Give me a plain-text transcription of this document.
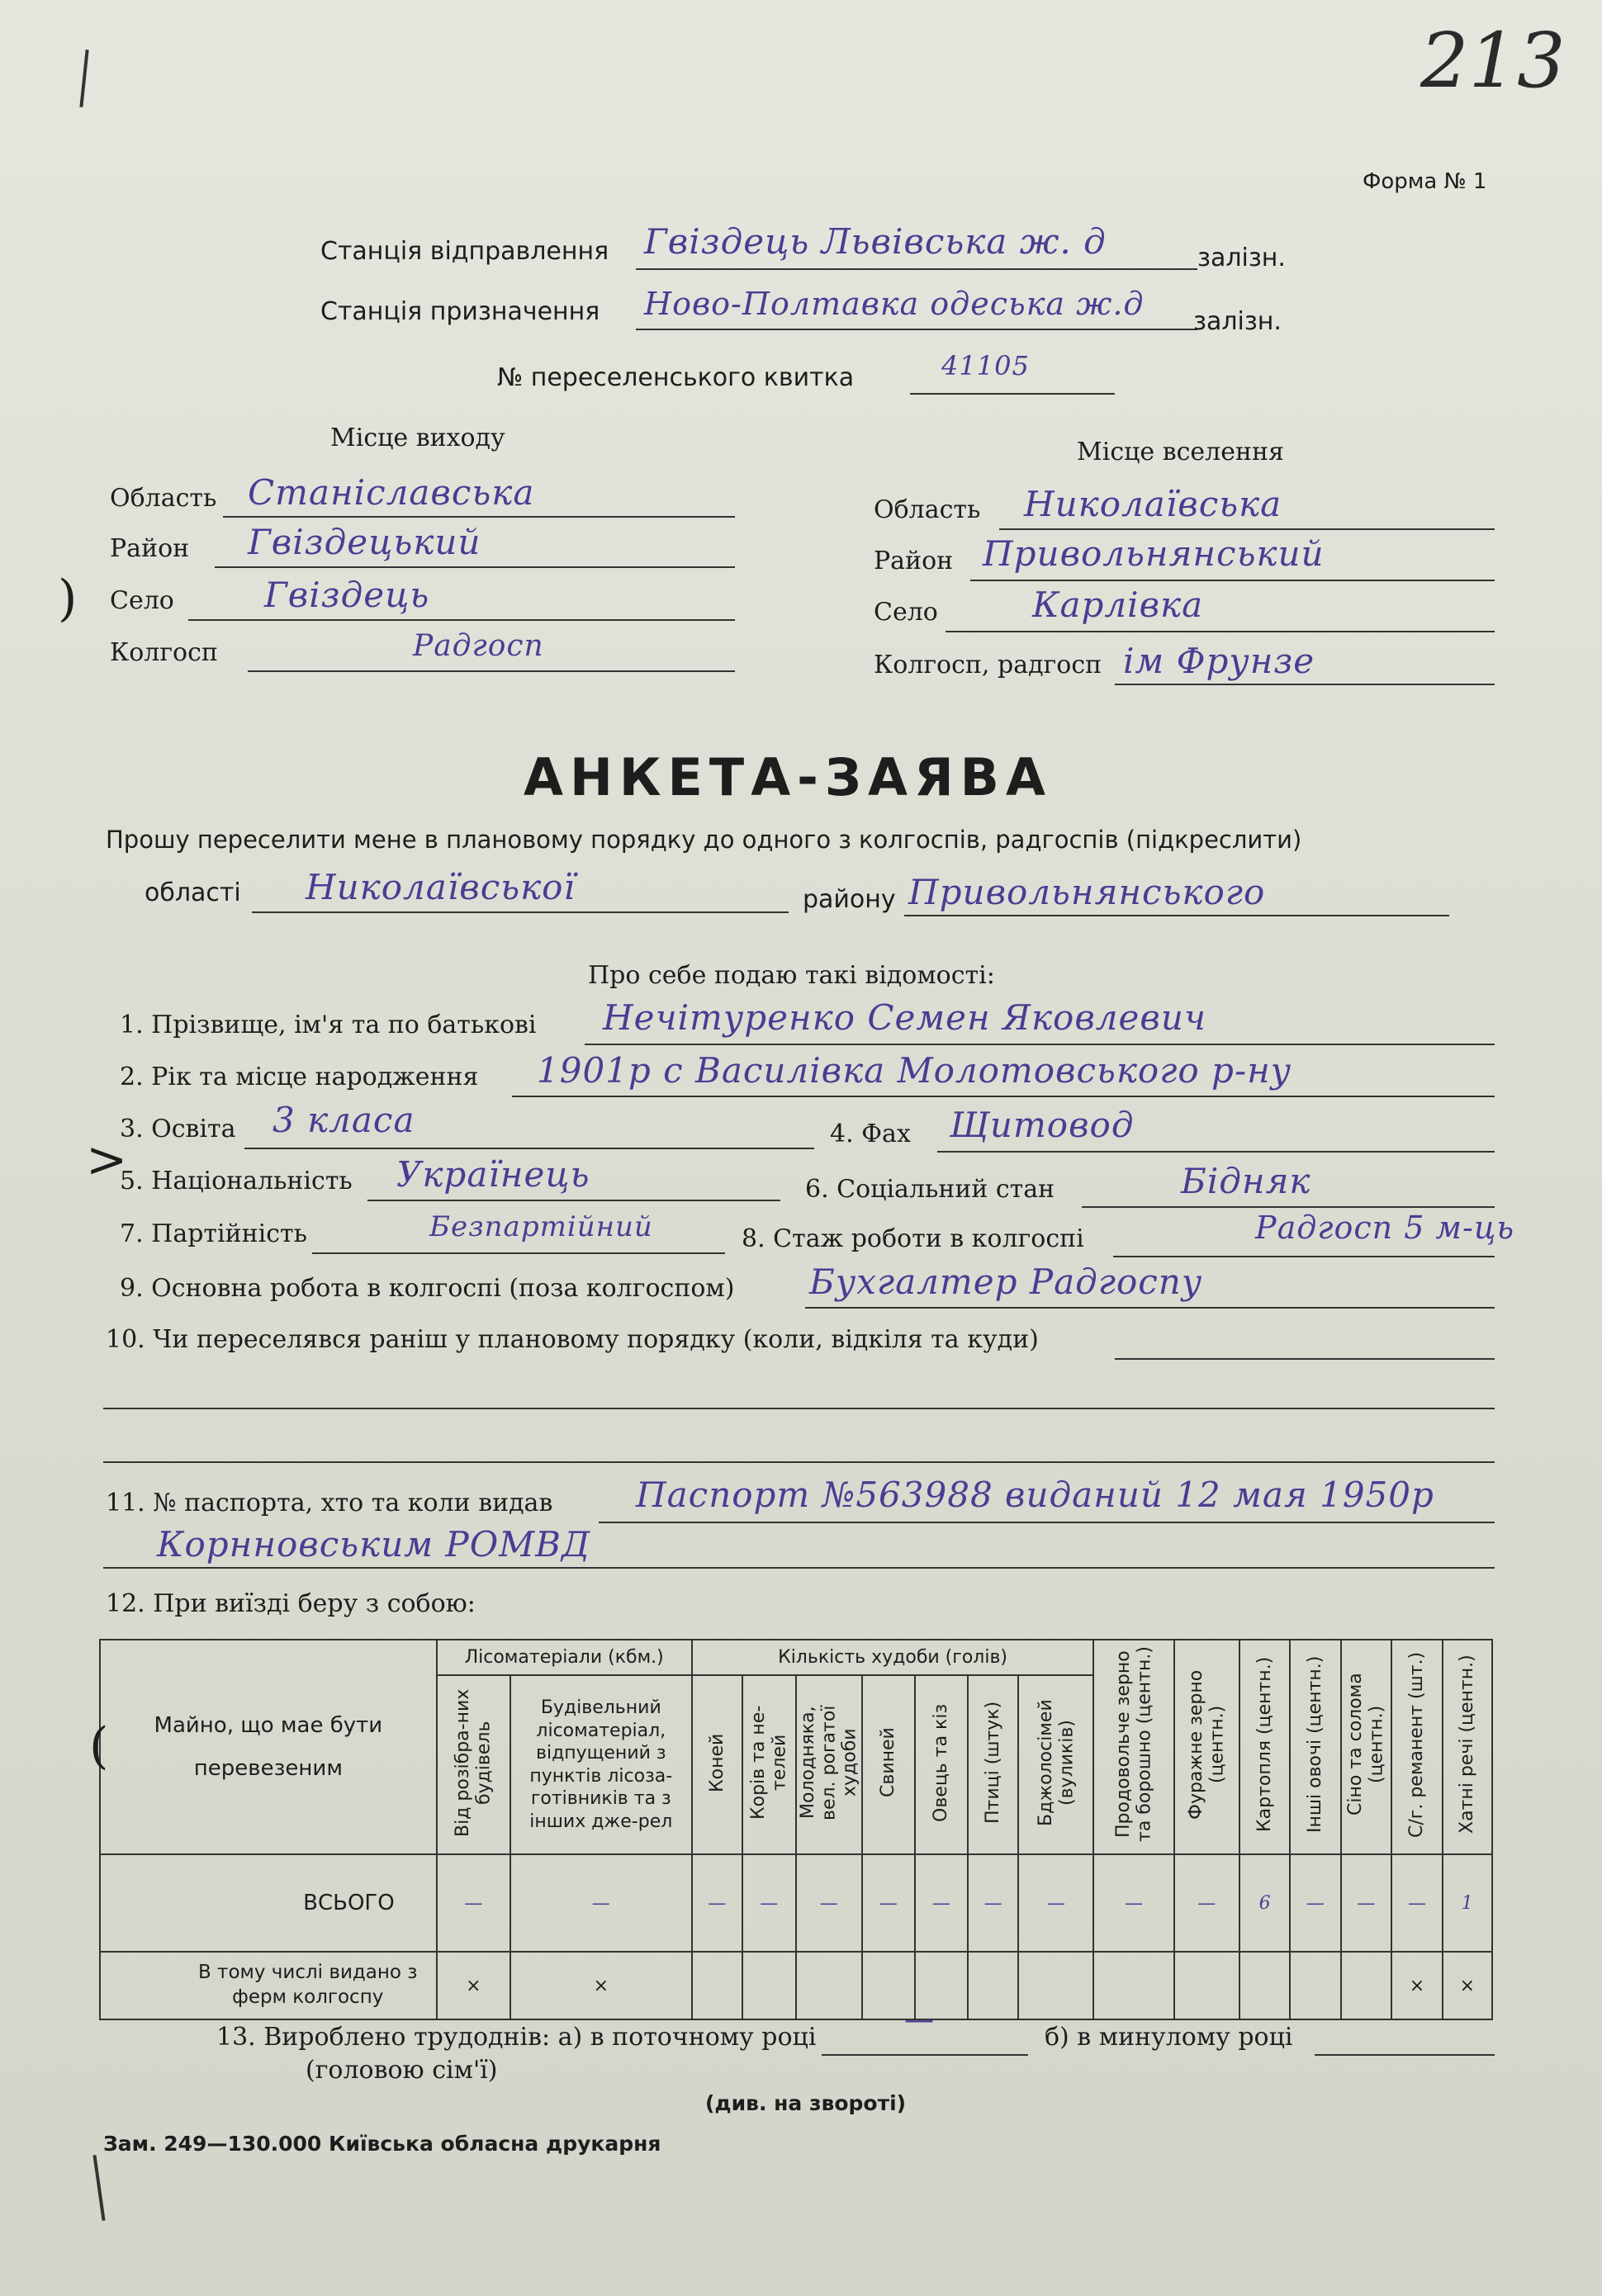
213
Форма № 1
Станція відправлення Гвіздець Львівська ж. д	залізн.
Станція призначення Ново-Полтавка одеська ж.д залізн.
№ переселенського квитка	41105
Місце виходу
Область Станіславська
Район Гвіздецький
Село	Гвіздець
Колгосп	Радгосп
Місце вселення
Область Николаївська
Район Привольнянський
Село	Карлівка
Колгосп, радгосп ім Фрунзе
АНКЕТА-ЗАЯВА
Прошу переселити мене в плановому порядку до одного з колгоспів, радгоспів (підкреслити)
області Николаївської	району Привольнянського
Про себе подаю такі відомості:
1. Прізвище, ім'я та по батькові Нечітуренко Семен Яковлевич
2. Рік та місце народження 1901р с Василівка Молотовського р-ну
3. Освіта 3 класа	4. Фах Щитовод
5. Національність Українець	6. Соціальний стан	Бідняк
7. Партійність	Безпартійний	8. Стаж роботи в колгоспі	Радгосп 5 м-ць
9. Основна робота в колгоспі (поза колгоспом) Бухгалтер Радгоспу
10. Чи переселявся раніш у плановому порядку (коли, відкіля та куди)
11. № паспорта, хто та коли видав Паспорт №563988 виданий 12 мая 1950р
Корнновським РОМВД
12. При виїзді беру з собою:
Майно, що мае бути перевезеним	Лісоматеріали (кбм.)		Кількість худоби (голів)							Продовольче зерно та борошно (центн.)	Фуражне зерно (центн.)	Картопля (центн.)	Інші овочі (центн.)	Сіно та солома (центн.)	С/г. реманент (шт.)	Хатні речі (центн.)
	Від розібра-них будівель	Будівельний лісоматеріал, відпущений з пунктів лісоза-готівників та з інших дже-рел	Коней	Корів та не-телей	Молодняка, вел. рогатої худоби	Свиней	Овець та кіз	Птиці (штук)	Бджолосімей (вуликів)							
ВСЬОГО	—	—	—	—	—	—	—	—	—	—	—	6	—	—	—	1
В тому числі видано з ферм колгоспу	×	×													×	×
13. Вироблено трудоднів: а) в поточному році
—
б) в минулому році
(головою сім'ї)
(див. на звороті)
Зам. 249—130.000 Київська обласна друкарня
)
>
(
